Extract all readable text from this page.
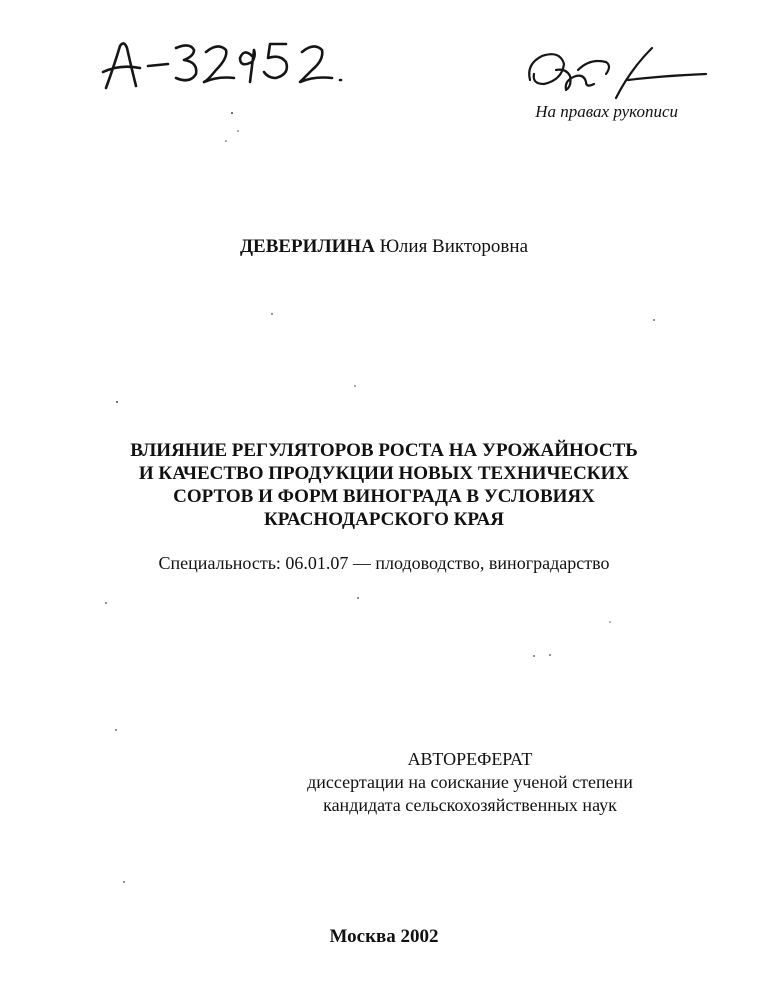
На правах рукописи
ДЕВЕРИЛИНА Юлия Викторовна
ВЛИЯНИЕ РЕГУЛЯТОРОВ РОСТА НА УРОЖАЙНОСТЬ
И КАЧЕСТВО ПРОДУКЦИИ НОВЫХ ТЕХНИЧЕСКИХ
СОРТОВ И ФОРМ ВИНОГРАДА В УСЛОВИЯХ
КРАСНОДАРСКОГО КРАЯ
Специальность: 06.01.07 — плодоводство, виноградарство
АВТОРЕФЕРАТ
диссертации на соискание ученой степени
кандидата сельскохозяйственных наук
Москва 2002
